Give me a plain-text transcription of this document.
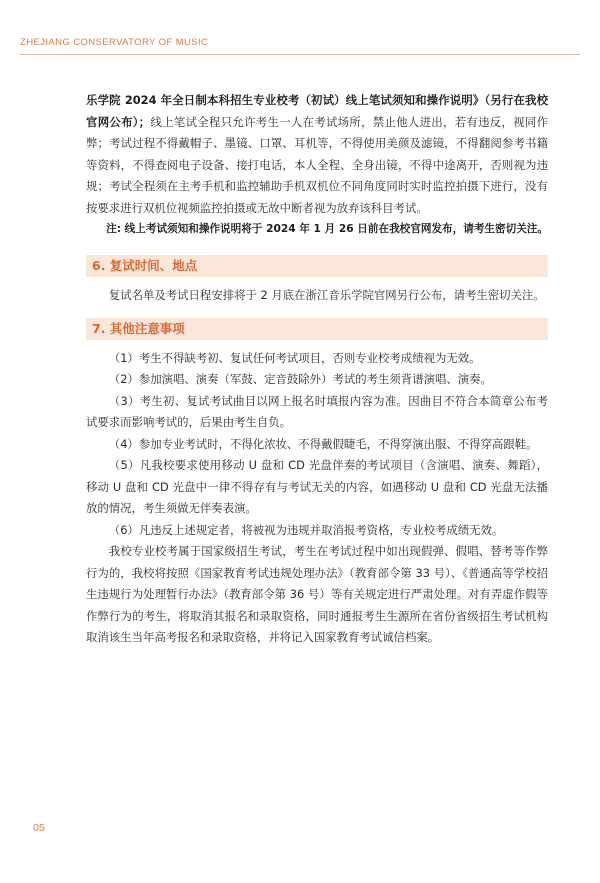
ZHEJIANG CONSERVATORY OF MUSIC

乐学院 2024 年全日制本科招生专业校考（初试）线上笔试须知和操作说明》（另行在我校官网公布）；线上笔试全程只允许考生一人在考试场所，禁止他人进出，若有违反，视同作弊；考试过程不得戴帽子、墨镜、口罩、耳机等，不得使用美颜及滤镜，不得翻阅参考书籍等资料，不得查阅电子设备、接打电话，本人全程、全身出镜，不得中途离开，否则视为违规；考试全程须在主考手机和监控辅助手机双机位不同角度同时实时监控拍摄下进行，没有按要求进行双机位视频监控拍摄或无故中断者视为放弃该科目考试。

注: 线上考试须知和操作说明将于 2024 年 1 月 26 日前在我校官网发布，请考生密切关注。

6. 复试时间、地点

复试名单及考试日程安排将于 2 月底在浙江音乐学院官网另行公布，请考生密切关注。

7. 其他注意事项

（1）考生不得缺考初、复试任何考试项目，否则专业校考成绩视为无效。

（2）参加演唱、演奏（军鼓、定音鼓除外）考试的考生须背谱演唱、演奏。

（3）考生初、复试考试曲目以网上报名时填报内容为准。因曲目不符合本简章公布考试要求而影响考试的，后果由考生自负。

（4）参加专业考试时，不得化浓妆、不得戴假睫毛，不得穿演出服、不得穿高跟鞋。

（5）凡我校要求使用移动 U 盘和 CD 光盘伴奏的考试项目（含演唱、演奏、舞蹈），移动 U 盘和 CD 光盘中一律不得存有与考试无关的内容，如遇移动 U 盘和 CD 光盘无法播放的情况，考生须做无伴奏表演。

（6）凡违反上述规定者，将被视为违规并取消报考资格，专业校考成绩无效。

我校专业校考属于国家级招生考试，考生在考试过程中如出现假弹、假唱、替考等作弊行为的，我校将按照《国家教育考试违规处理办法》（教育部令第 33 号）、《普通高等学校招生违规行为处理暂行办法》（教育部令第 36 号）等有关规定进行严肃处理。对有弄虚作假等作弊行为的考生，将取消其报名和录取资格，同时通报考生生源所在省份省级招生考试机构取消该生当年高考报名和录取资格，并将记入国家教育考试诚信档案。

05
